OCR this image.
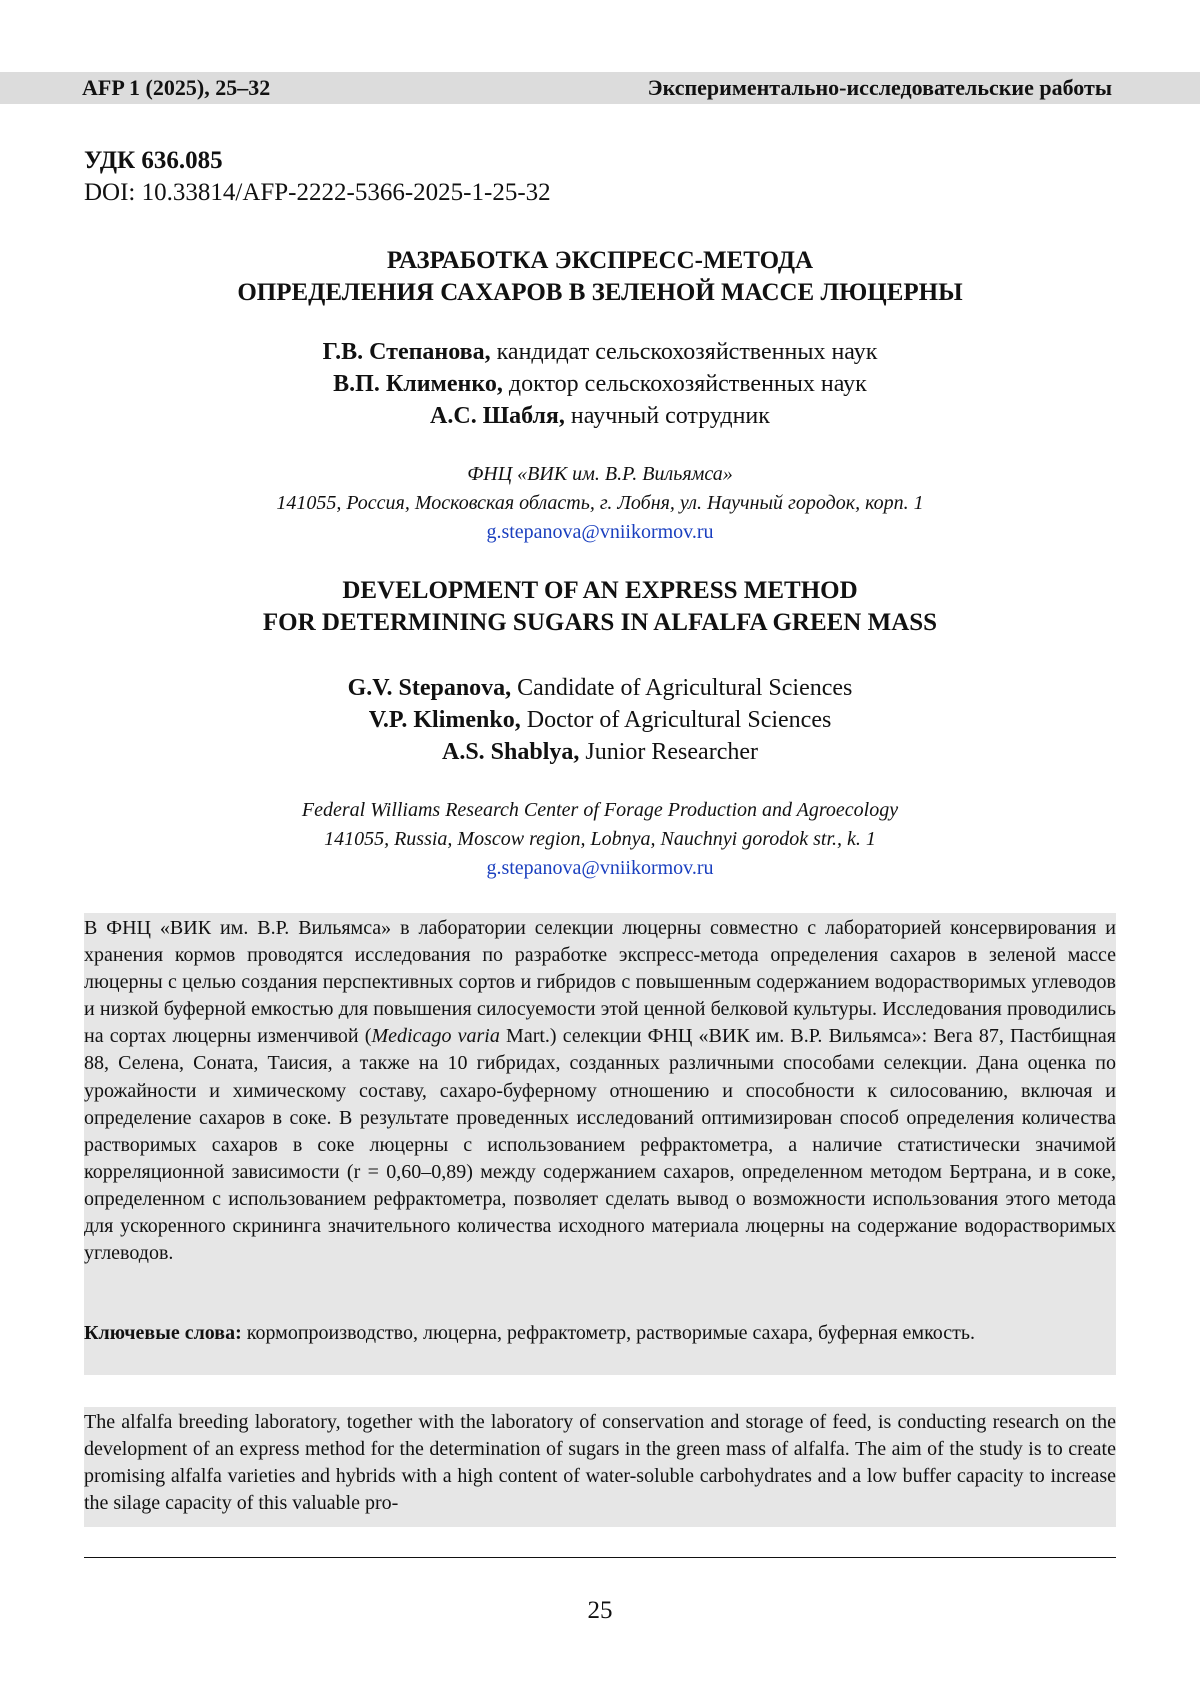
AFP 1 (2025), 25–32	Экспериментально-исследовательские работы
УДК 636.085
DOI: 10.33814/AFP-2222-5366-2025-1-25-32
РАЗРАБОТКА ЭКСПРЕСС-МЕТОДА
ОПРЕДЕЛЕНИЯ САХАРОВ В ЗЕЛЕНОЙ МАССЕ ЛЮЦЕРНЫ
Г.В. Степанова, кандидат сельскохозяйственных наук
В.П. Клименко, доктор сельскохозяйственных наук
А.С. Шабля, научный сотрудник
ФНЦ «ВИК им. В.Р. Вильямса»
141055, Россия, Московская область, г. Лобня, ул. Научный городок, корп. 1
g.stepanova@vniikormov.ru
DEVELOPMENT OF AN EXPRESS METHOD
FOR DETERMINING SUGARS IN ALFALFA GREEN MASS
G.V. Stepanova, Candidate of Agricultural Sciences
V.P. Klimenko, Doctor of Agricultural Sciences
A.S. Shablya, Junior Researcher
Federal Williams Research Center of Forage Production and Agroecology
141055, Russia, Moscow region, Lobnya, Nauchnyi gorodok str., k. 1
g.stepanova@vniikormov.ru
В ФНЦ «ВИК им. В.Р. Вильямса» в лаборатории селекции люцерны совместно с лабораторией консервирования и хранения кормов проводятся исследования по разработке экспресс-метода определения сахаров в зеленой массе люцерны с целью создания перспективных сортов и гибридов с повышенным содержанием водорастворимых углеводов и низкой буферной емкостью для повышения силосуемости этой ценной белковой культуры. Исследования проводились на сортах люцерны изменчивой (Medicago varia Mart.) селекции ФНЦ «ВИК им. В.Р. Вильямса»: Вега 87, Пастбищная 88, Селена, Соната, Таисия, а также на 10 гибридах, созданных различными способами селекции. Дана оценка по урожайности и химическому составу, сахаро-буферному отношению и способности к силосованию, включая и определение сахаров в соке. В результате проведенных исследований оптимизирован способ определения количества растворимых сахаров в соке люцерны с использованием рефрактометра, а наличие статистически значимой корреляционной зависимости (r = 0,60–0,89) между содержанием сахаров, определенном методом Бертрана, и в соке, определенном с использованием рефрактометра, позволяет сделать вывод о возможности использования этого метода для ускоренного скрининга значительного количества исходного материала люцерны на содержание водорастворимых углеводов.
Ключевые слова: кормопроизводство, люцерна, рефрактометр, растворимые сахара, буферная емкость.
The alfalfa breeding laboratory, together with the laboratory of conservation and storage of feed, is conducting research on the development of an express method for the determination of sugars in the green mass of alfalfa. The aim of the study is to create promising alfalfa varieties and hybrids with a high content of water-soluble carbohydrates and a low buffer capacity to increase the silage capacity of this valuable pro-
25
